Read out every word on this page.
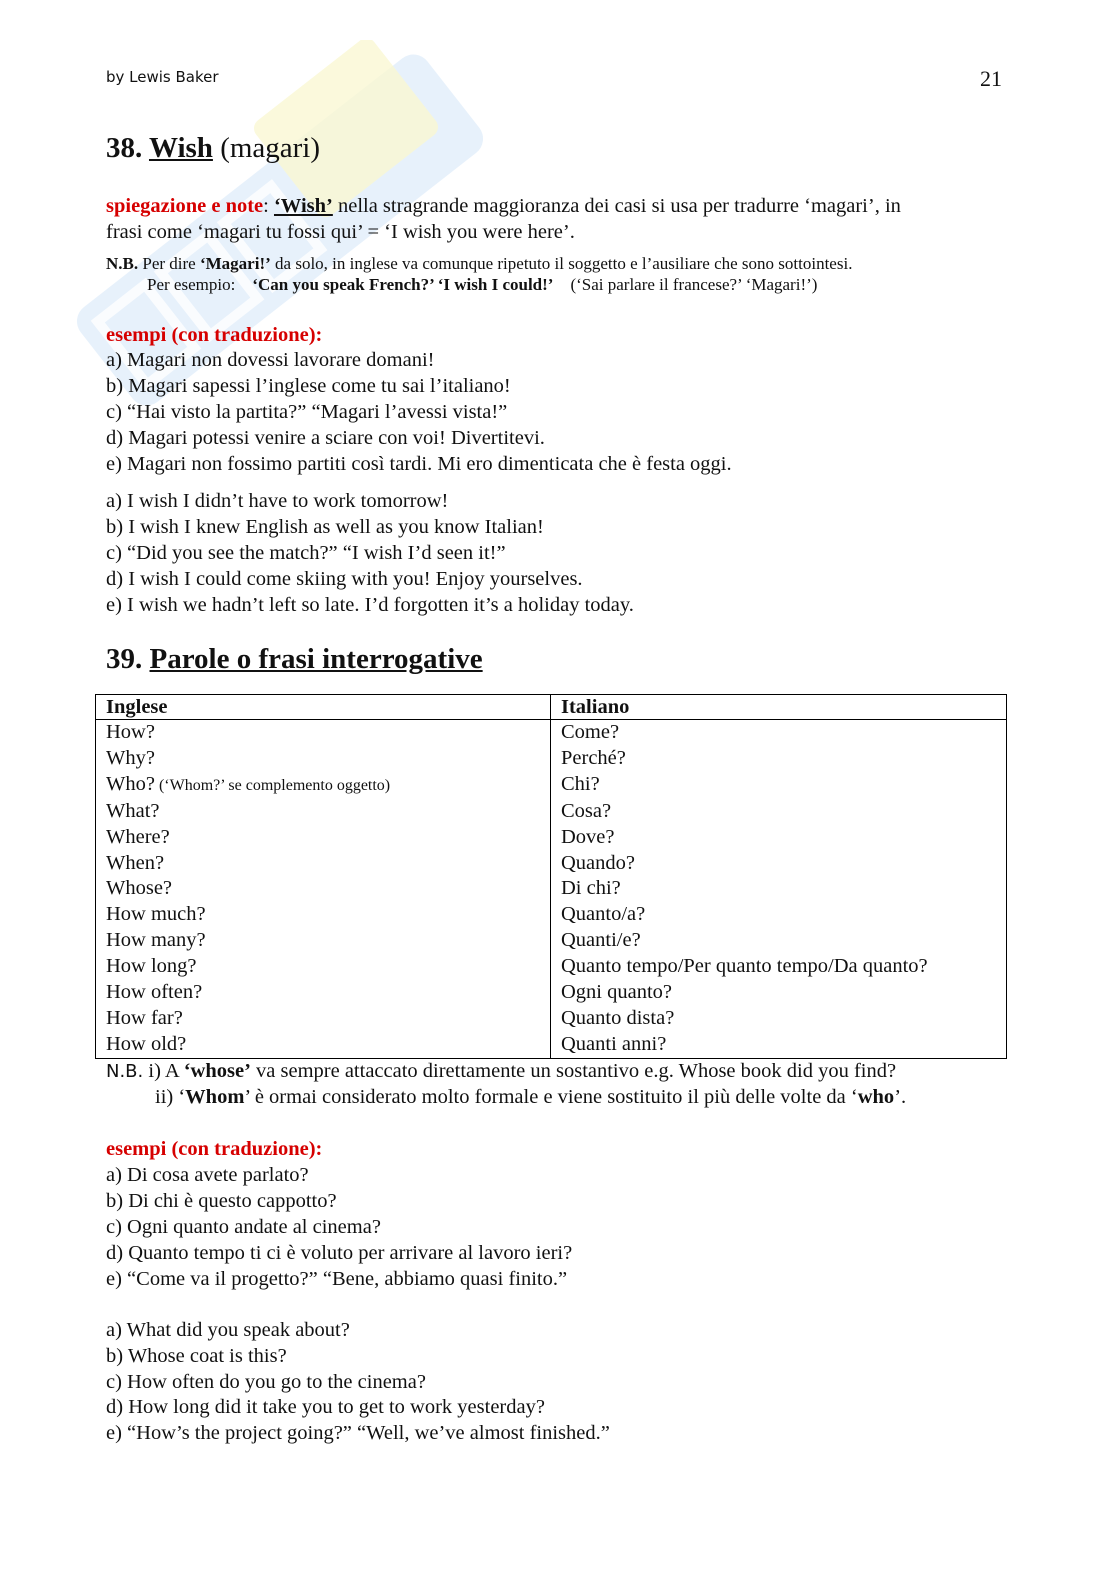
by Lewis Baker	21
38. Wish (magari)
spiegazione e note: ‘Wish’ nella stragrande maggioranza dei casi si usa per tradurre ‘magari’, in
frasi come ‘magari tu fossi qui’ = ‘I wish you were here’.
N.B. Per dire ‘Magari!’ da solo, in inglese va comunque ripetuto il soggetto e l’ausiliare che sono sottointesi.
Per esempio: ‘Can you speak French?’ ‘I wish I could!’ (‘Sai parlare il francese?’ ‘Magari!’)
esempi (con traduzione):
a) Magari non dovessi lavorare domani!
b) Magari sapessi l’inglese come tu sai l’italiano!
c) “Hai visto la partita?” “Magari l’avessi vista!”
d) Magari potessi venire a sciare con voi! Divertitevi.
e) Magari non fossimo partiti così tardi. Mi ero dimenticata che è festa oggi.
a) I wish I didn’t have to work tomorrow!
b) I wish I knew English as well as you know Italian!
c) “Did you see the match?” “I wish I’d seen it!”
d) I wish I could come skiing with you! Enjoy yourselves.
e) I wish we hadn’t left so late. I’d forgotten it’s a holiday today.
39. Parole o frasi interrogative
Inglese	Italiano
How?	Come?
Why?	Perché?
Who? (‘Whom?’ se complemento oggetto)	Chi?
What?	Cosa?
Where?	Dove?
When?	Quando?
Whose?	Di chi?
How much?	Quanto/a?
How many?	Quanti/e?
How long?	Quanto tempo/Per quanto tempo/Da quanto?
How often?	Ogni quanto?
How far?	Quanto dista?
How old?	Quanti anni?
N.B. i) A ‘whose’ va sempre attaccato direttamente un sostantivo e.g. Whose book did you find?
ii) ‘Whom’ è ormai considerato molto formale e viene sostituito il più delle volte da ‘who’.
esempi (con traduzione):
a) Di cosa avete parlato?
b) Di chi è questo cappotto?
c) Ogni quanto andate al cinema?
d) Quanto tempo ti ci è voluto per arrivare al lavoro ieri?
e) “Come va il progetto?” “Bene, abbiamo quasi finito.”
a) What did you speak about?
b) Whose coat is this?
c) How often do you go to the cinema?
d) How long did it take you to get to work yesterday?
e) “How’s the project going?” “Well, we’ve almost finished.”
